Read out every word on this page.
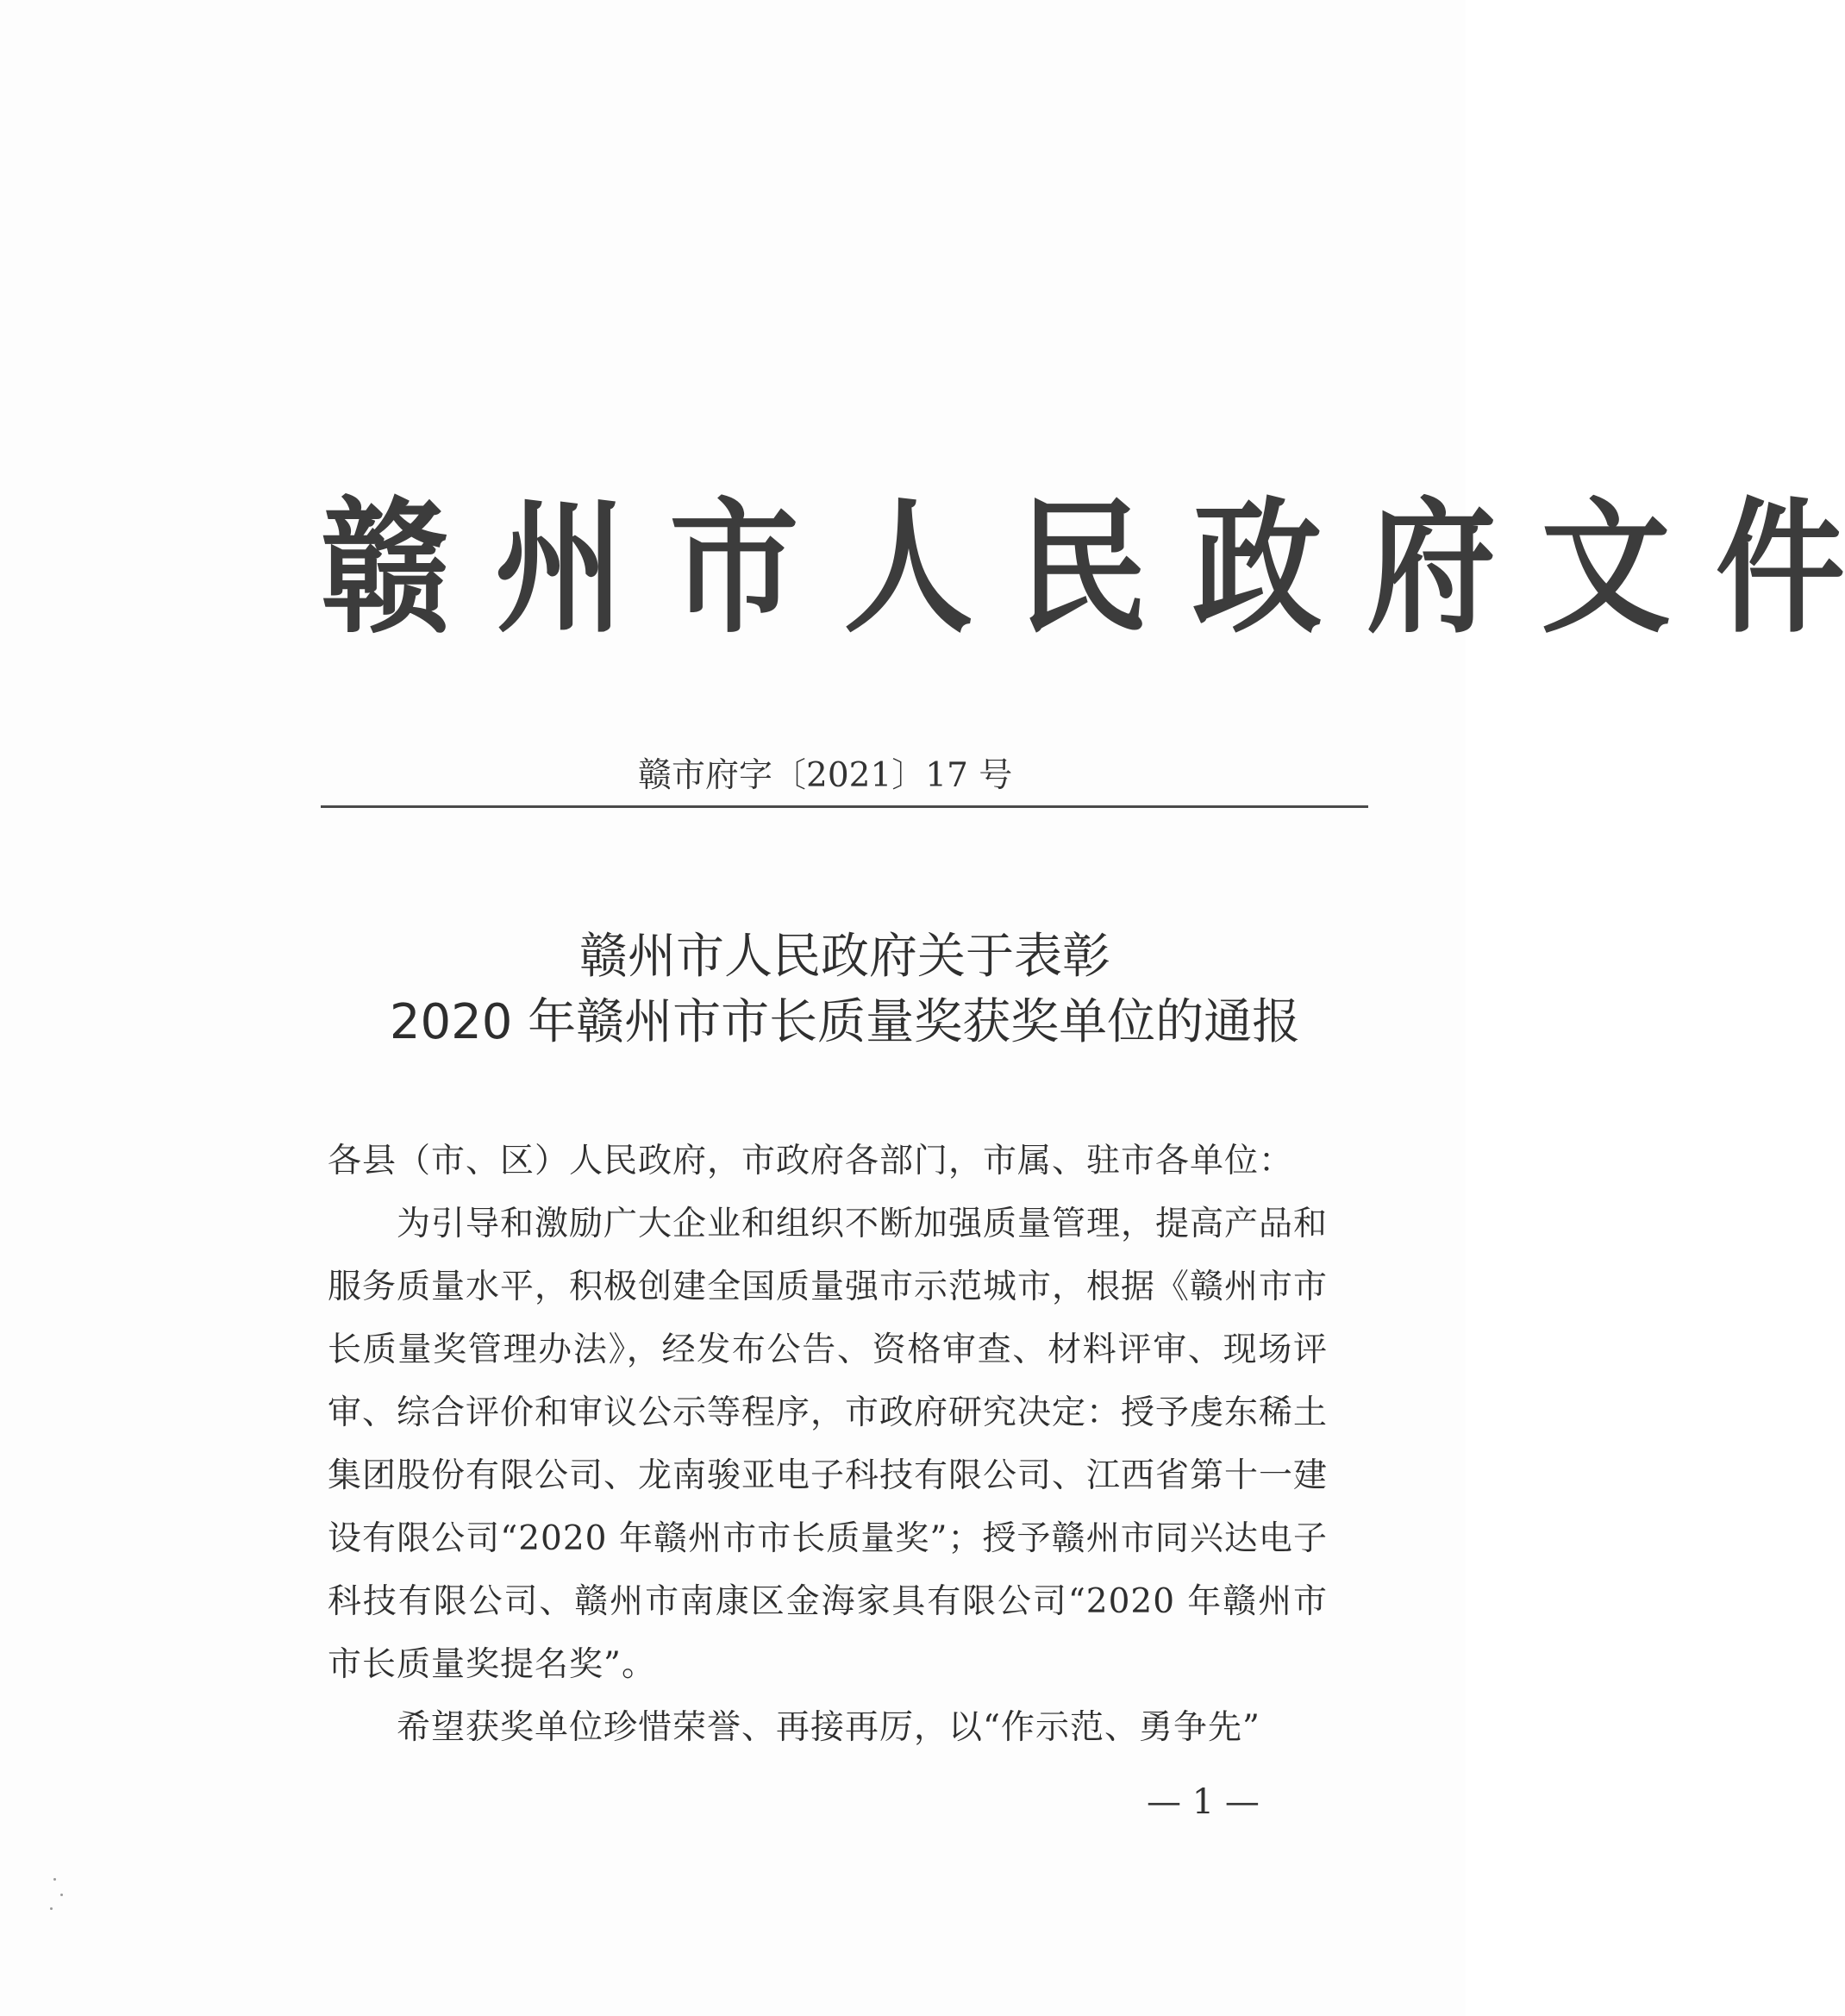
赣 州 市 人 民 政 府 文 件
赣市府字〔2021〕17 号
赣州市人民政府关于表彰
2020 年赣州市市长质量奖获奖单位的通报

各县（市、区）人民政府，市政府各部门，市属、驻市各单位：

为引导和激励广大企业和组织不断加强质量管理，提高产品和服务质量水平，积极创建全国质量强市示范城市，根据《赣州市市长质量奖管理办法》，经发布公告、资格审查、材料评审、现场评审、综合评价和审议公示等程序，市政府研究决定：授予虔东稀土集团股份有限公司、龙南骏亚电子科技有限公司、江西省第十一建设有限公司“2020 年赣州市市长质量奖”；授予赣州市同兴达电子科技有限公司、赣州市南康区金海家具有限公司“2020 年赣州市市长质量奖提名奖”。

希望获奖单位珍惜荣誉、再接再厉，以“作示范、勇争先”

— 1 —
